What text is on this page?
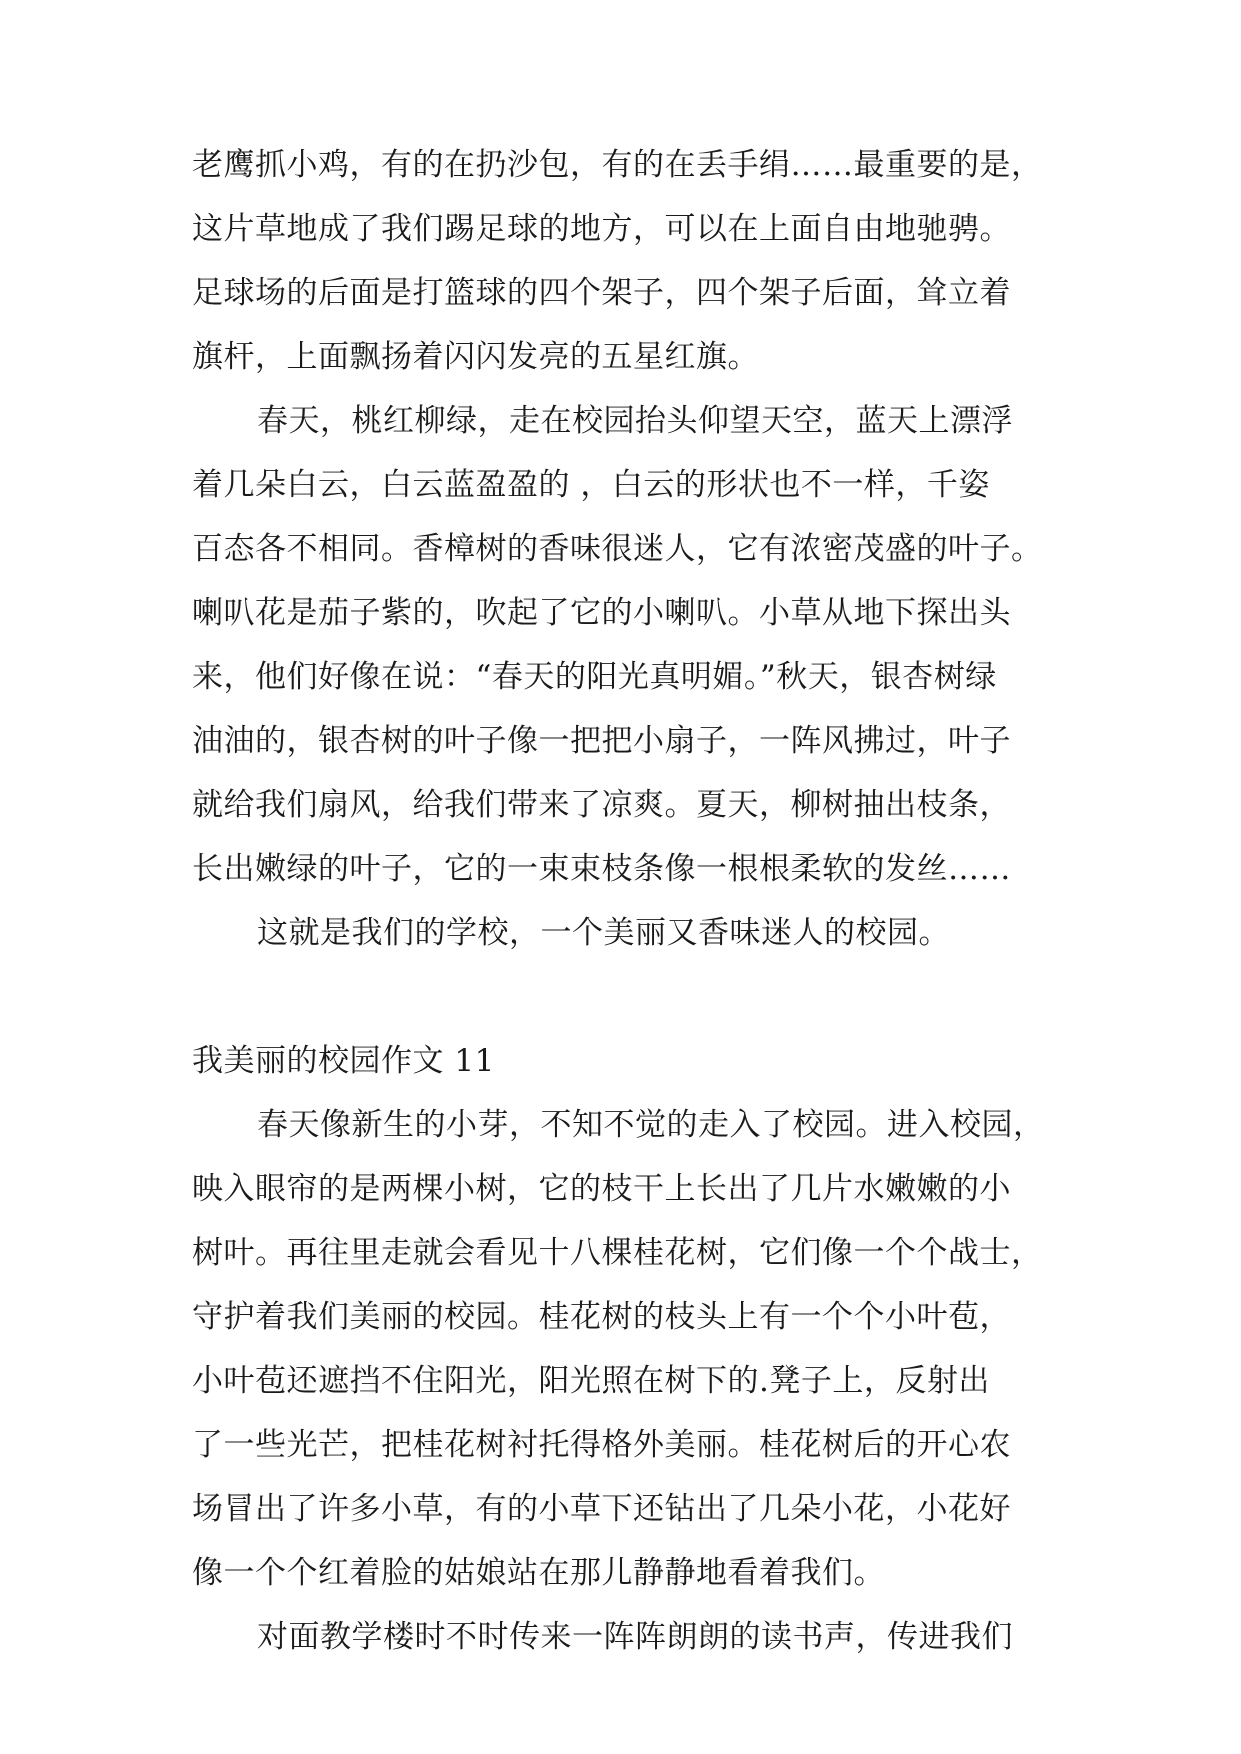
老鹰抓小鸡，有的在扔沙包，有的在丢手绢……最重要的是，
这片草地成了我们踢足球的地方，可以在上面自由地驰骋。
足球场的后面是打篮球的四个架子，四个架子后面，耸立着
旗杆，上面飘扬着闪闪发亮的五星红旗。
春天，桃红柳绿，走在校园抬头仰望天空，蓝天上漂浮
着几朵白云，白云蓝盈盈的 ，白云的形状也不一样，千姿
百态各不相同。香樟树的香味很迷人，它有浓密茂盛的叶子。
喇叭花是茄子紫的，吹起了它的小喇叭。小草从地下探出头
来，他们好像在说：“春天的阳光真明媚。”秋天，银杏树绿
油油的，银杏树的叶子像一把把小扇子，一阵风拂过，叶子
就给我们扇风，给我们带来了凉爽。夏天，柳树抽出枝条，
长出嫩绿的叶子，它的一束束枝条像一根根柔软的发丝……
这就是我们的学校，一个美丽又香味迷人的校园。
我美丽的校园作文 11
春天像新生的小芽，不知不觉的走入了校园。进入校园，
映入眼帘的是两棵小树，它的枝干上长出了几片水嫩嫩的小
树叶。再往里走就会看见十八棵桂花树，它们像一个个战士，
守护着我们美丽的校园。桂花树的枝头上有一个个小叶苞，
小叶苞还遮挡不住阳光，阳光照在树下的.凳子上，反射出
了一些光芒，把桂花树衬托得格外美丽。桂花树后的开心农
场冒出了许多小草，有的小草下还钻出了几朵小花，小花好
像一个个红着脸的姑娘站在那儿静静地看着我们。
对面教学楼时不时传来一阵阵朗朗的读书声，传进我们
